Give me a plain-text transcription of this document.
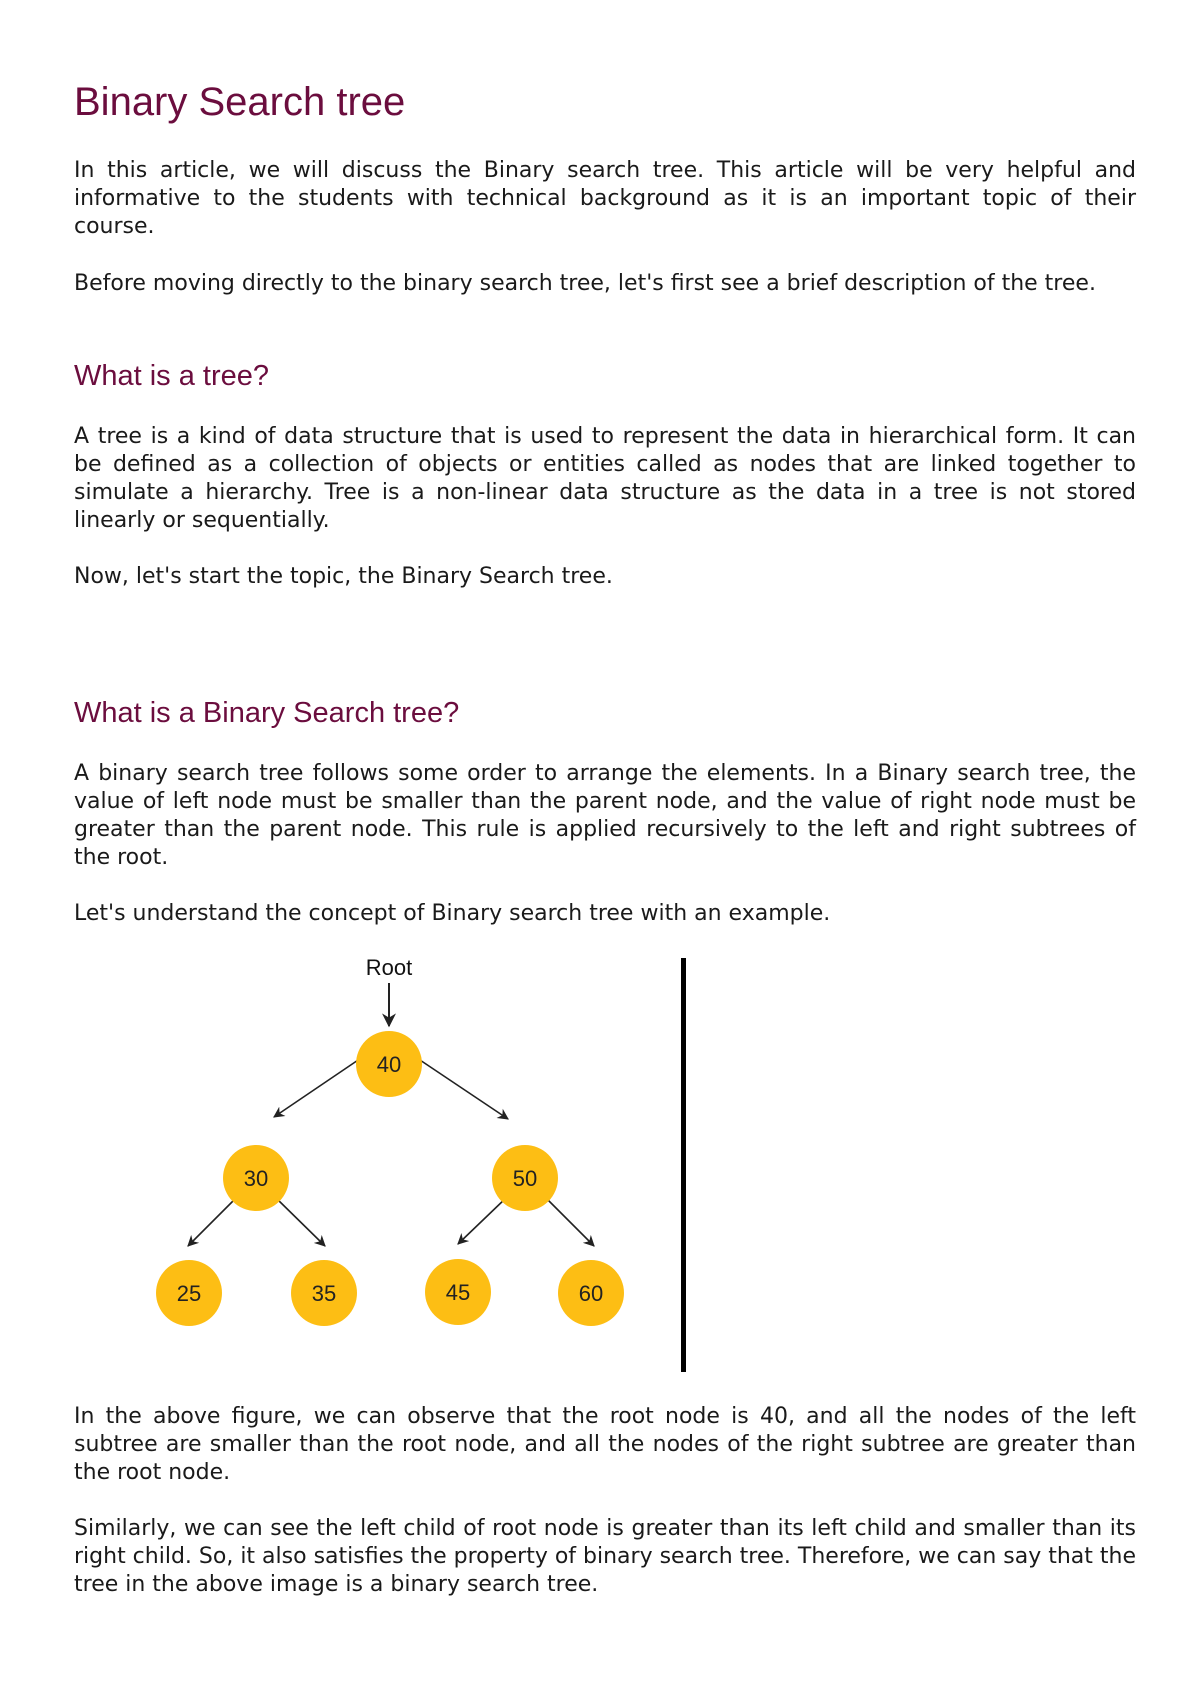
Binary Search tree

In this article, we will discuss the Binary search tree. This article will be very helpful and informative to the students with technical background as it is an important topic of their course.

Before moving directly to the binary search tree, let's first see a brief description of the tree.

What is a tree?

A tree is a kind of data structure that is used to represent the data in hierarchical form. It can be defined as a collection of objects or entities called as nodes that are linked together to simulate a hierarchy. Tree is a non-linear data structure as the data in a tree is not stored linearly or sequentially.

Now, let's start the topic, the Binary Search tree.

What is a Binary Search tree?

A binary search tree follows some order to arrange the elements. In a Binary search tree, the value of left node must be smaller than the parent node, and the value of right node must be greater than the parent node. This rule is applied recursively to the left and right subtrees of the root.

Let's understand the concept of Binary search tree with an example.

In the above figure, we can observe that the root node is 40, and all the nodes of the left subtree are smaller than the root node, and all the nodes of the right subtree are greater than the root node.

Similarly, we can see the left child of root node is greater than its left child and smaller than its right child. So, it also satisfies the property of binary search tree. Therefore, we can say that the tree in the above image is a binary search tree.

Root
40
30	50
25	35	45	60
